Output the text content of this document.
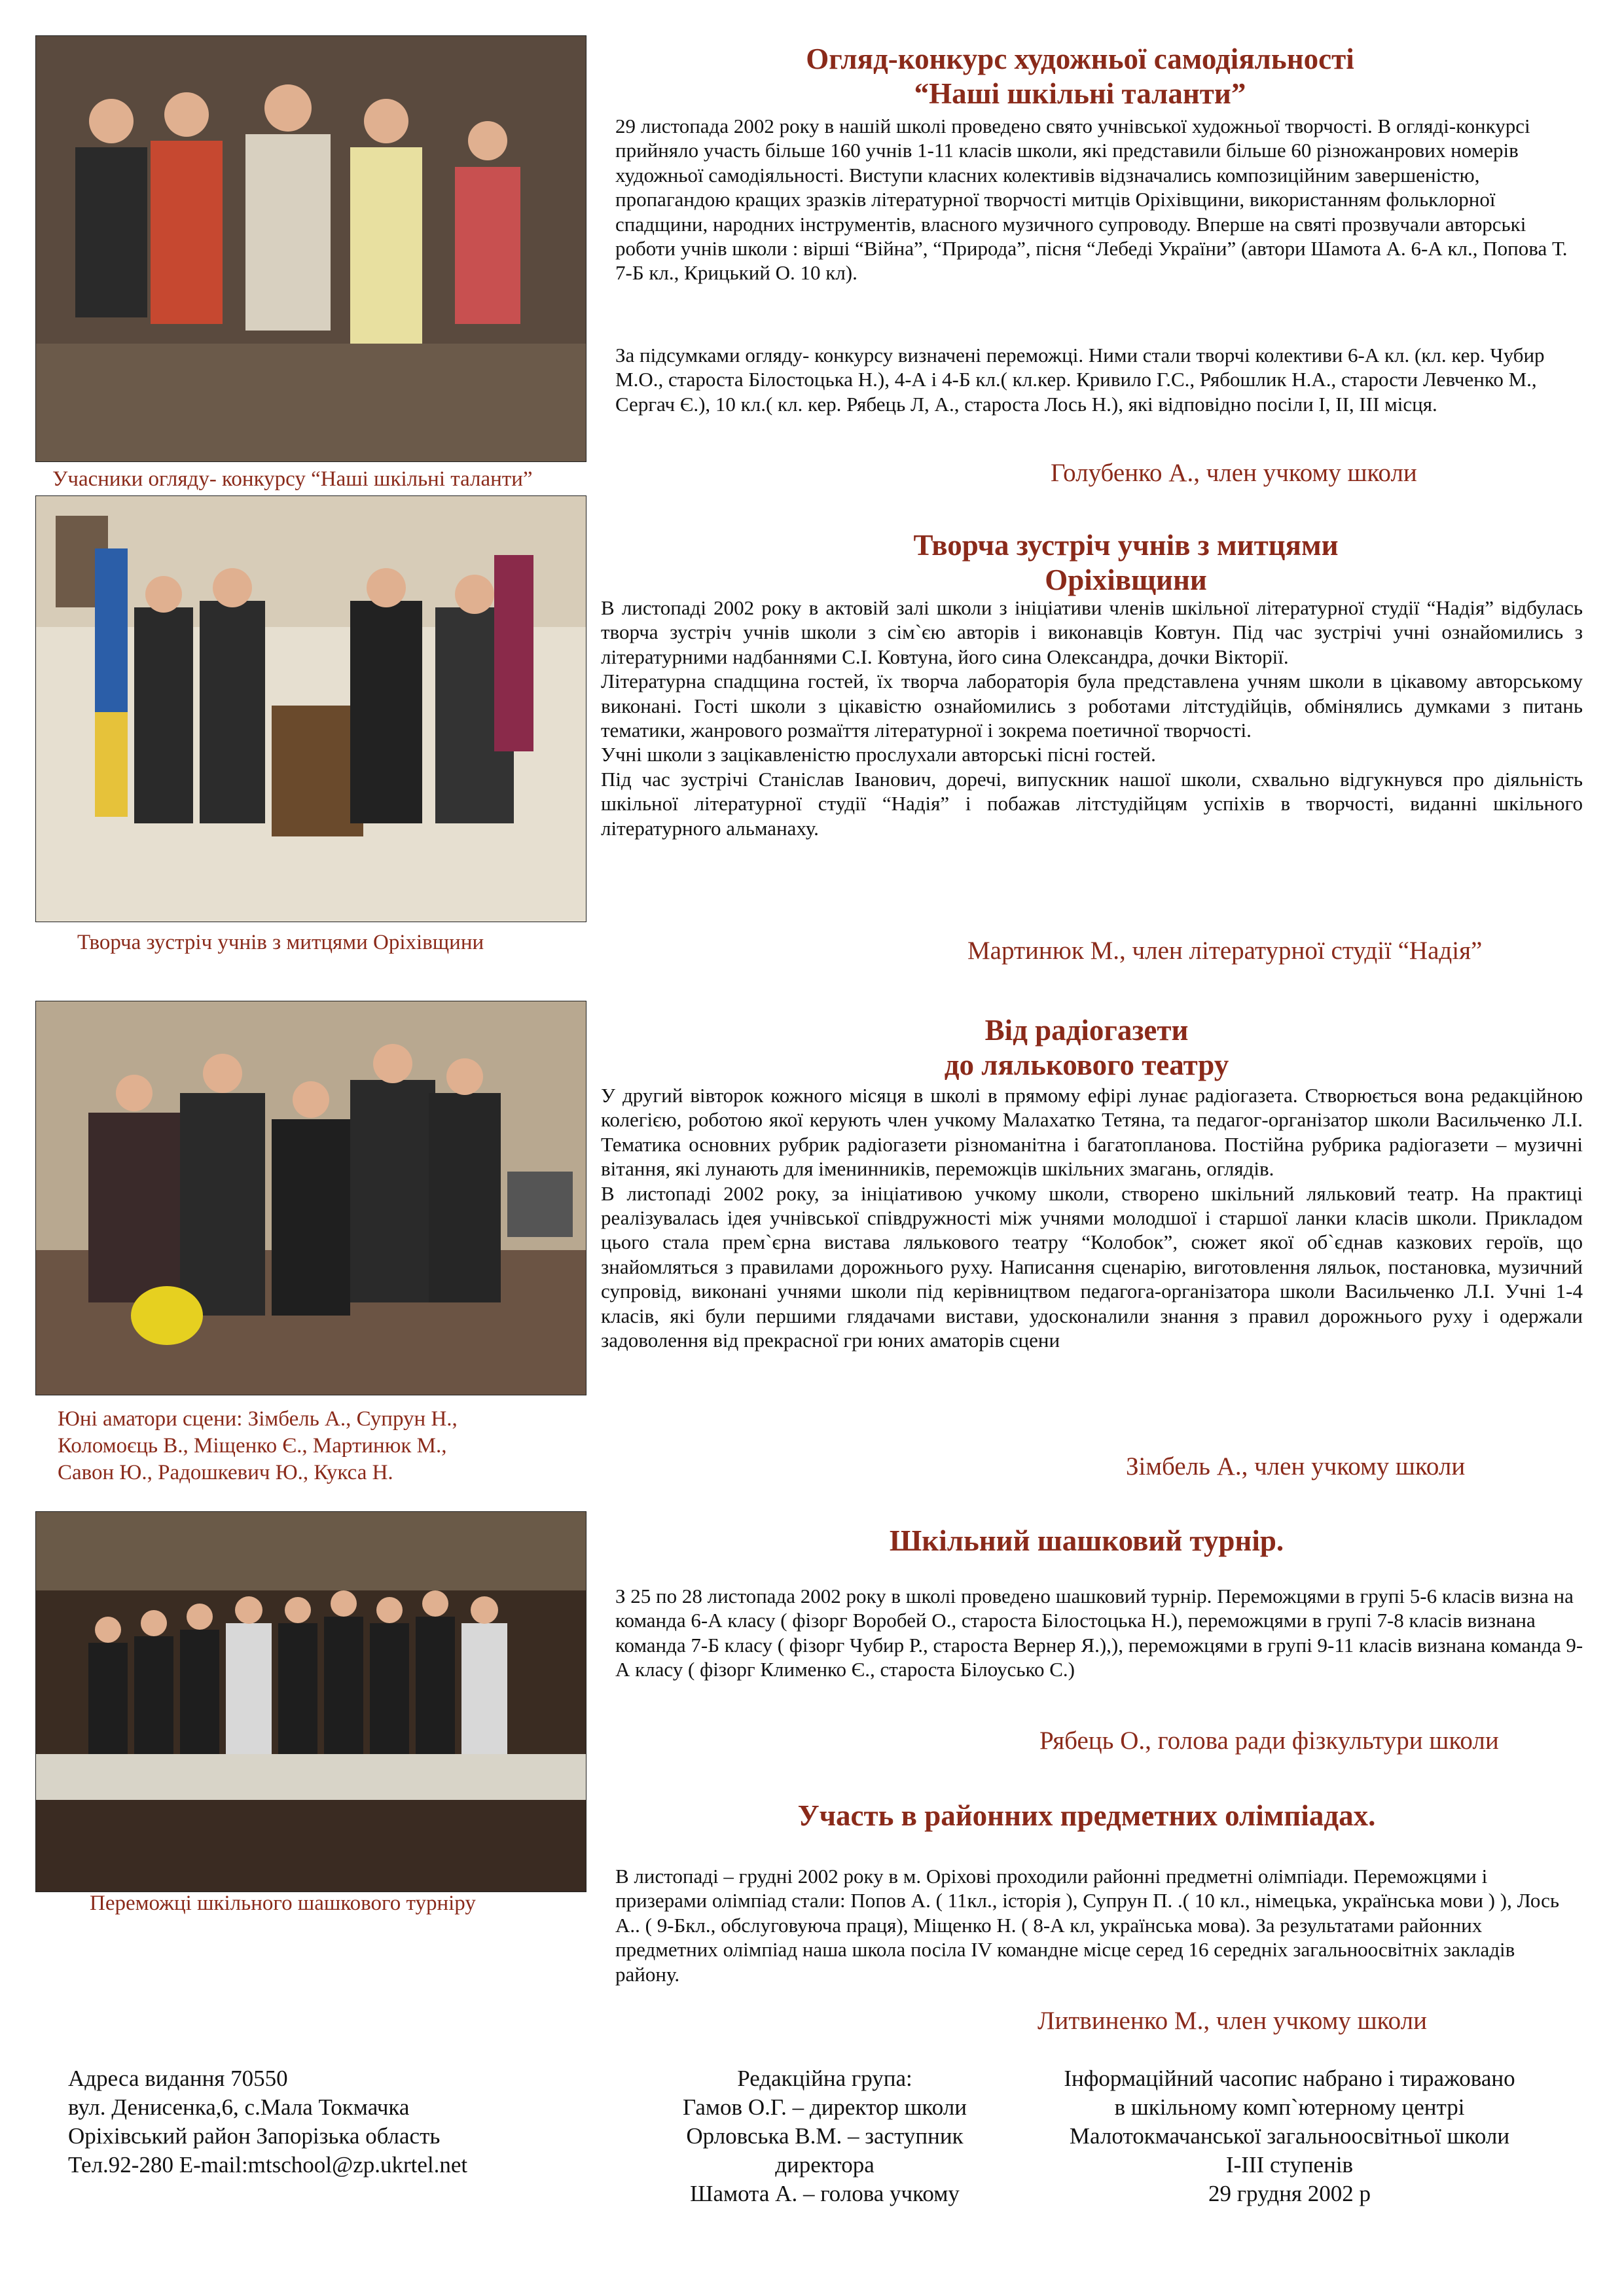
Учасники огляду- конкурсу “Наші шкільні таланти”
Творча зустріч учнів з митцями Оріхівщини
Юні аматори сцени: Зімбель А., Супрун Н.,
Коломоєць В., Міщенко Є., Мартинюк М.,
Савон Ю., Радошкевич Ю., Кукса Н.
Переможці шкільного шашкового турніру
Огляд-конкурс художньої самодіяльності
“Наші шкільні таланти”

29 листопада 2002 року в нашій школі проведено свято учнівської художньої творчості. В огляді-конкурсі прийняло участь більше 160 учнів 1-11 класів школи, які представили більше 60 різножанрових номерів художньої самодіяльності. Виступи класних колективів відзначались композиційним завершеністю, пропагандою кращих зразків літературної творчості митців Оріхівщини, використанням фольклорної спадщини, народних інструментів, власного музичного супроводу. Вперше на святі прозвучали авторські роботи учнів школи : вірші “Війна”, “Природа”, пісня “Лебеді України” (автори Шамота А. 6-А кл., Попова Т. 7-Б кл., Крицький О. 10 кл).

За підсумками огляду- конкурсу визначені переможці. Ними стали творчі колективи 6-А кл. (кл. кер. Чубир М.О., староста Білостоцька Н.), 4-А і 4-Б кл.( кл.кер. Кривило Г.С., Рябошлик Н.А., старости Левченко М., Сергач Є.), 10 кл.( кл. кер. Рябець Л, А., староста Лось Н.), які відповідно посіли І, ІІ, ІІІ місця.

Голубенко А., член учкому школи
Творча зустріч учнів з митцями
Оріхівщини

В листопаді 2002 року в актовій залі школи з ініціативи членів шкільної літературної студії “Надія” відбулась творча зустріч учнів школи з сім`єю авторів і виконавців Ковтун. Під час зустрічі учні ознайомились з літературними надбаннями С.І. Ковтуна, його сина Олександра, дочки Вікторії.

Літературна спадщина гостей, їх творча лабораторія була представлена учням школи в цікавому авторському виконані. Гості школи з цікавістю ознайомились з роботами літстудійців, обмінялись думками з питань тематики, жанрового розмаїття літературної і зокрема поетичної творчості.

Учні школи з зацікавленістю прослухали авторські пісні гостей.

Під час зустрічі Станіслав Іванович, доречі, випускник нашої школи, схвально відгукнувся про діяльність шкільної літературної студії “Надія” і побажав літстудійцям успіхів в творчості, виданні шкільного літературного альманаху.

Мартинюк М., член літературної студії “Надія”
Від радіогазети
до лялькового театру

У другий вівторок кожного місяця в школі в прямому ефірі лунає радіогазета. Створюється вона редакційною колегією, роботою якої керують член учкому Малахатко Тетяна, та педагог-організатор школи Васильченко Л.І. Тематика основних рубрик радіогазети різноманітна і багатопланова. Постійна рубрика радіогазети – музичні вітання, які лунають для іменинників, переможців шкільних змагань, оглядів.

В листопаді 2002 року, за ініціативою учкому школи, створено шкільний ляльковий театр. На практиці реалізувалась ідея учнівської співдружності між учнями молодшої і старшої ланки класів школи. Прикладом цього стала прем`єрна вистава лялькового театру “Колобок”, сюжет якої об`єднав казкових героїв, що знайомляться з правилами дорожнього руху. Написання сценарію, виготовлення ляльок, постановка, музичний супровід, виконані учнями школи під керівництвом педагога-організатора школи Васильченко Л.І. Учні 1-4 класів, які були першими глядачами вистави, удосконалили знання з правил дорожнього руху і одержали задоволення від прекрасної гри юних аматорів сцени

Зімбель А., член учкому школи
Шкільний шашковий турнір.

З 25 по 28 листопада 2002 року в школі проведено шашковий турнір. Переможцями в групі 5-6 класів визна на команда 6-А класу ( фізорг Воробей О., староста Білостоцька Н.), переможцями в групі 7-8 класів визнана команда 7-Б класу ( фізорг Чубир Р., староста Вернер Я.),), переможцями в групі 9-11 класів визнана команда 9-А класу ( фізорг Клименко Є., староста Білоусько С.)

Рябець О., голова ради фізкультури школи
Участь в районних предметних олімпіадах.

В листопаді – грудні 2002 року в м. Оріхові проходили районні предметні олімпіади. Переможцями і призерами олімпіад стали: Попов А. ( 11кл., історія ), Супрун П. .( 10 кл., німецька, українська мови ) ), Лось А.. ( 9-Бкл., обслуговуюча праця), Міщенко Н. ( 8-А кл, українська мова). За результатами районних предметних олімпіад наша школа посіла IV командне місце серед 16 середніх загальноосвітніх закладів району.

Литвиненко М., член учкому школи
Адреса видання 70550
вул. Денисенка,6, с.Мала Токмачка
Оріхівський район Запорізька область
Тел.92-280 E-mail:mtschool@zp.ukrtel.net
Редакційна група:
Гамов О.Г. – директор школи
Орловська В.М. – заступник
директора
Шамота А. – голова учкому
Інформаційний часопис набрано і тиражовано
в шкільному комп`ютерному центрі
Малотокмачанської загальноосвітньої школи
І-ІІІ ступенів
29 грудня 2002 р
